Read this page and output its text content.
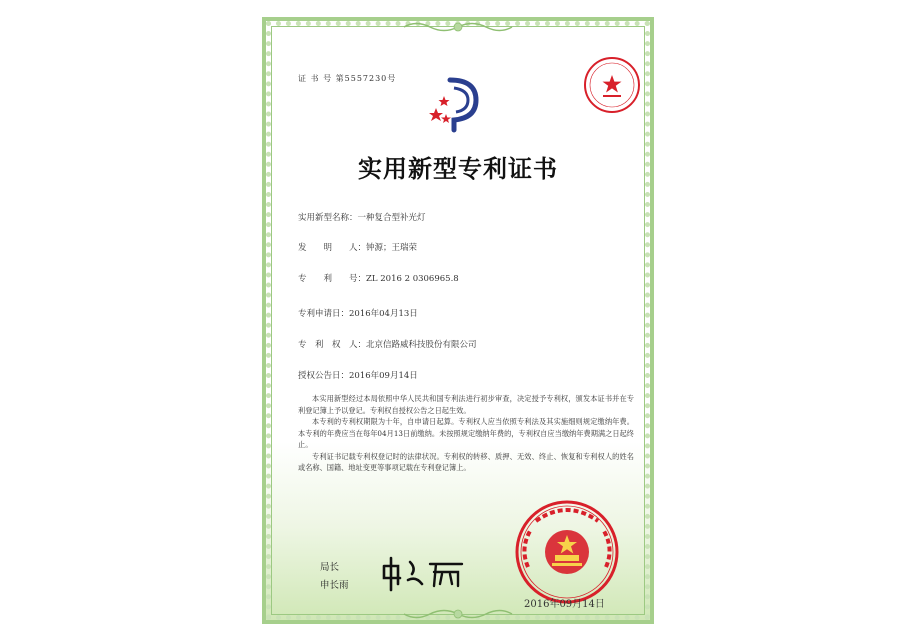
证 书 号 第5557230号
实用新型专利证书
实用新型名称：一种复合型补光灯
发　　明　　人：钟源；王瑞荣
专　　利　　号：ZL 2016 2 0306965.8
专利申请日：2016年04月13日
专　利　权　人：北京信路威科技股份有限公司
授权公告日：2016年09月14日

本实用新型经过本局依照中华人民共和国专利法进行初步审查，决定授予专利权，颁发本证书并在专利登记簿上予以登记。专利权自授权公告之日起生效。

本专利的专利权期限为十年，自申请日起算。专利权人应当依照专利法及其实施细则规定缴纳年费。本专利的年费应当在每年04月13日前缴纳。未按照规定缴纳年费的，专利权自应当缴纳年费期满之日起终止。

专利证书记载专利权登记时的法律状况。专利权的转移、质押、无效、终止、恢复和专利权人的姓名或名称、国籍、地址变更等事项记载在专利登记簿上。

局长
申长雨
2016年09月14日
